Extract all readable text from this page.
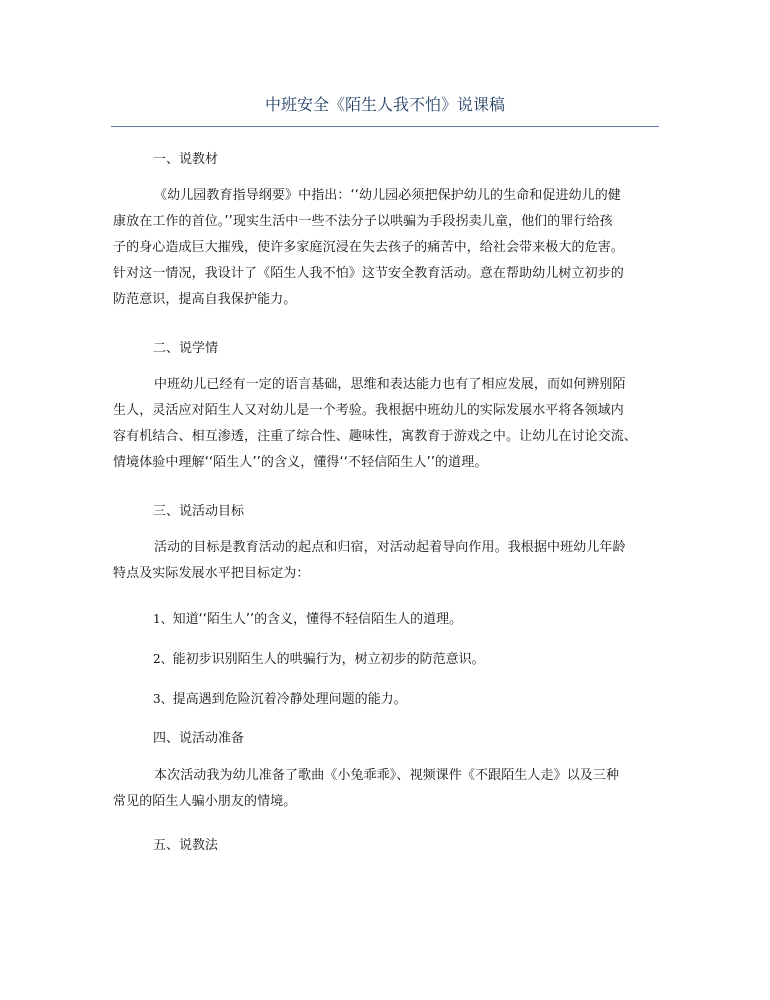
中班安全《陌生人我不怕》说课稿

一、说教材

《幼儿园教育指导纲要》中指出：‘‘幼儿园必须把保护幼儿的生命和促进幼儿的健
康放在工作的首位。’’现实生活中一些不法分子以哄骗为手段拐卖儿童，他们的罪行给孩
子的身心造成巨大摧残，使许多家庭沉浸在失去孩子的痛苦中，给社会带来极大的危害。
针对这一情况，我设计了《陌生人我不怕》这节安全教育活动。意在帮助幼儿树立初步的
防范意识，提高自我保护能力。

二、说学情

中班幼儿已经有一定的语言基础，思维和表达能力也有了相应发展，而如何辨别陌
生人，灵活应对陌生人又对幼儿是一个考验。我根据中班幼儿的实际发展水平将各领域内
容有机结合、相互渗透，注重了综合性、趣味性，寓教育于游戏之中。让幼儿在讨论交流、
情境体验中理解‘‘陌生人’’的含义，懂得‘‘不轻信陌生人’’的道理。

三、说活动目标

活动的目标是教育活动的起点和归宿，对活动起着导向作用。我根据中班幼儿年龄
特点及实际发展水平把目标定为：

1、知道‘‘陌生人’’的含义，懂得不轻信陌生人的道理。

2、能初步识别陌生人的哄骗行为，树立初步的防范意识。

3、提高遇到危险沉着冷静处理问题的能力。

四、说活动准备

本次活动我为幼儿准备了歌曲《小兔乖乖》、视频课件《不跟陌生人走》以及三种
常见的陌生人骗小朋友的情境。

五、说教法
